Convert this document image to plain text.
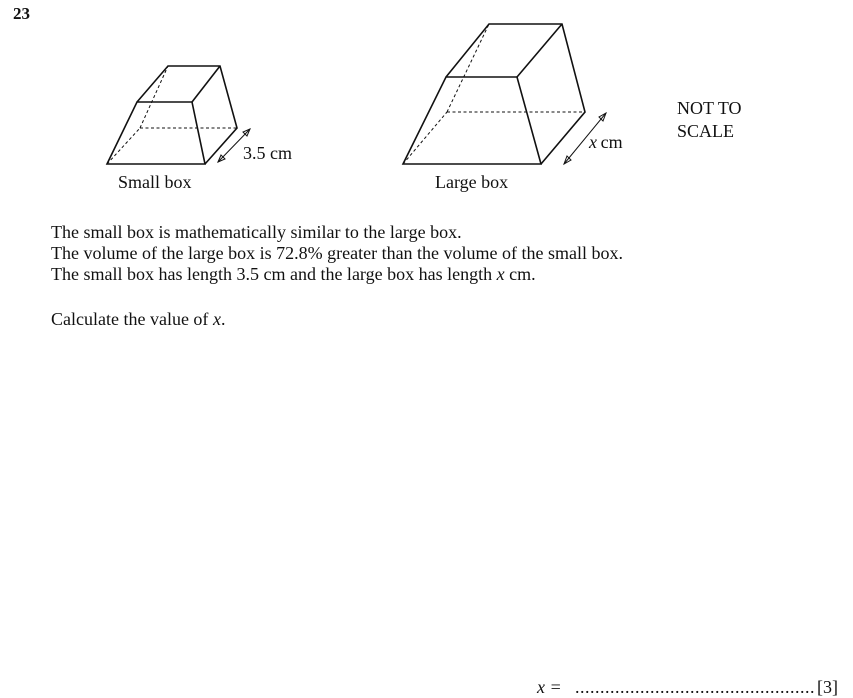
23
3.5 cm
Small box
x  cm
Large box
NOT TO
SCALE
The small box is mathematically similar to the large box.
The volume of the large box is 72.8% greater than the volume of the small box.
The small box has length 3.5 cm and the large box has length x cm.
Calculate the value of x.
x = ................................................ [3]
